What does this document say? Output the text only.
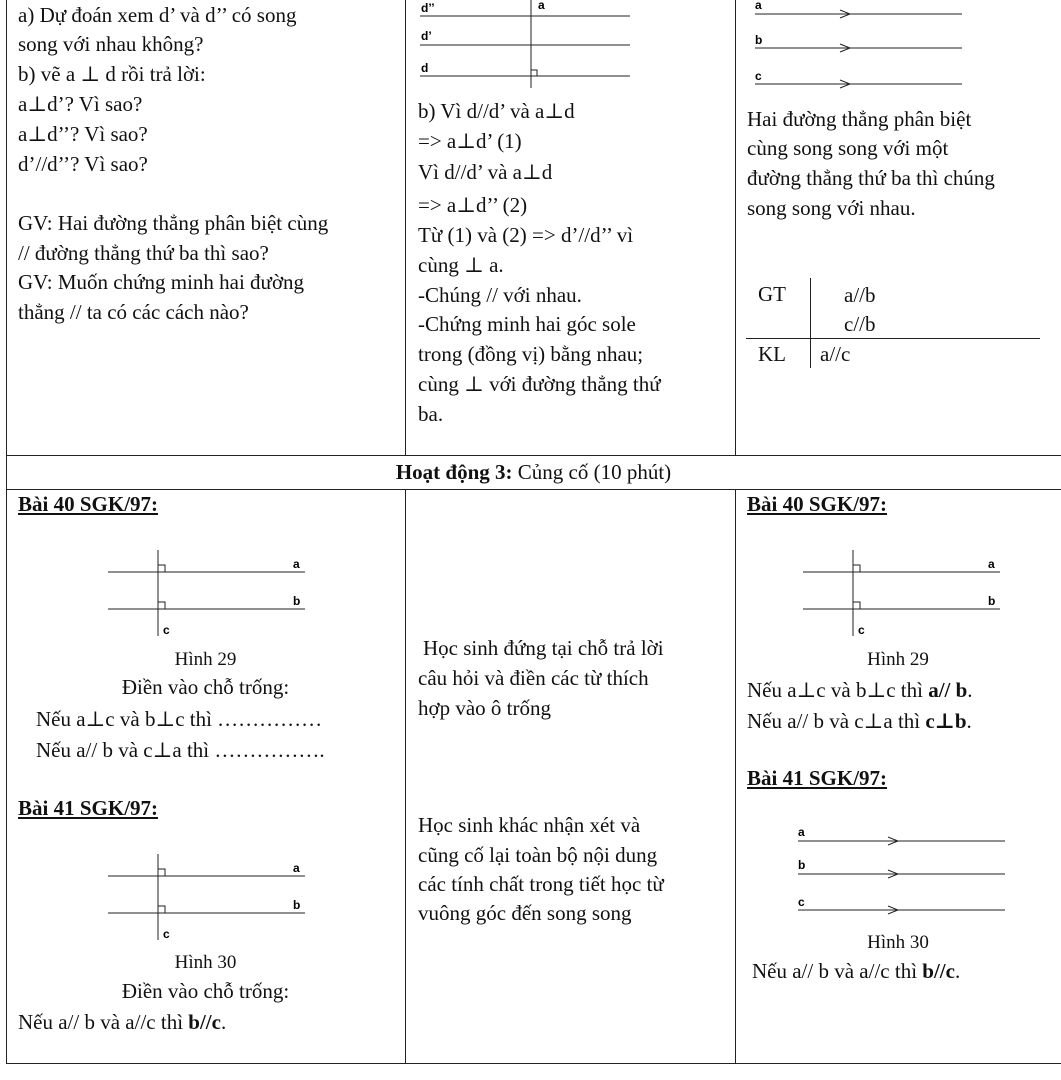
a) Dự đoán xem d’ và d’’ có song
song với nhau không?
b) vẽ a ⊥ d rồi trả lời:
a⊥d’? Vì sao?
a⊥d’’? Vì sao?
d’//d’’? Vì sao?
GV: Hai đường thẳng phân biệt cùng
// đường thẳng thứ ba thì sao?
GV: Muốn chứng minh hai đường
thẳng // ta có các cách nào?
d’’
d’
d
a
b) Vì d//d’ và a⊥d
=> a⊥d’ (1)
Vì d//d’ và a⊥d
=> a⊥d’’ (2)
Từ (1) và (2) => d’//d’’ vì
cùng ⊥ a.
-Chúng // với nhau.
-Chứng minh hai góc sole
trong (đồng vị) bằng nhau;
cùng ⊥ với đường thẳng thứ
ba.
a
b
c
Hai đường thẳng phân biệt
cùng song song với một
đường thẳng thứ ba thì chúng
song song với nhau.
GT	a//b
c//b
KL a//c
Hoạt động 3: Củng cố (10 phút)
Bài 40 SGK/97:
a
b
c
Hình 29
Điền vào chỗ trống:
Nếu a⊥c và b⊥c thì ……………
Nếu a// b và c⊥a thì …………….
Bài 41 SGK/97:
a
b
c
Hình 30
Điền vào chỗ trống:
Nếu a// b và a//c thì b//c.
Học sinh đứng tại chỗ trả lời
câu hỏi và điền các từ thích
hợp vào ô trống
Học sinh khác nhận xét và
cũng cố lại toàn bộ nội dung
các tính chất trong tiết học từ
vuông góc đến song song
Bài 40 SGK/97:
a
b
c
Hình 29
Nếu a⊥c và b⊥c thì a// b.
Nếu a// b và c⊥a thì c⊥b.
Bài 41 SGK/97:
a
b
c
Hình 30
Nếu a// b và a//c thì b//c.
